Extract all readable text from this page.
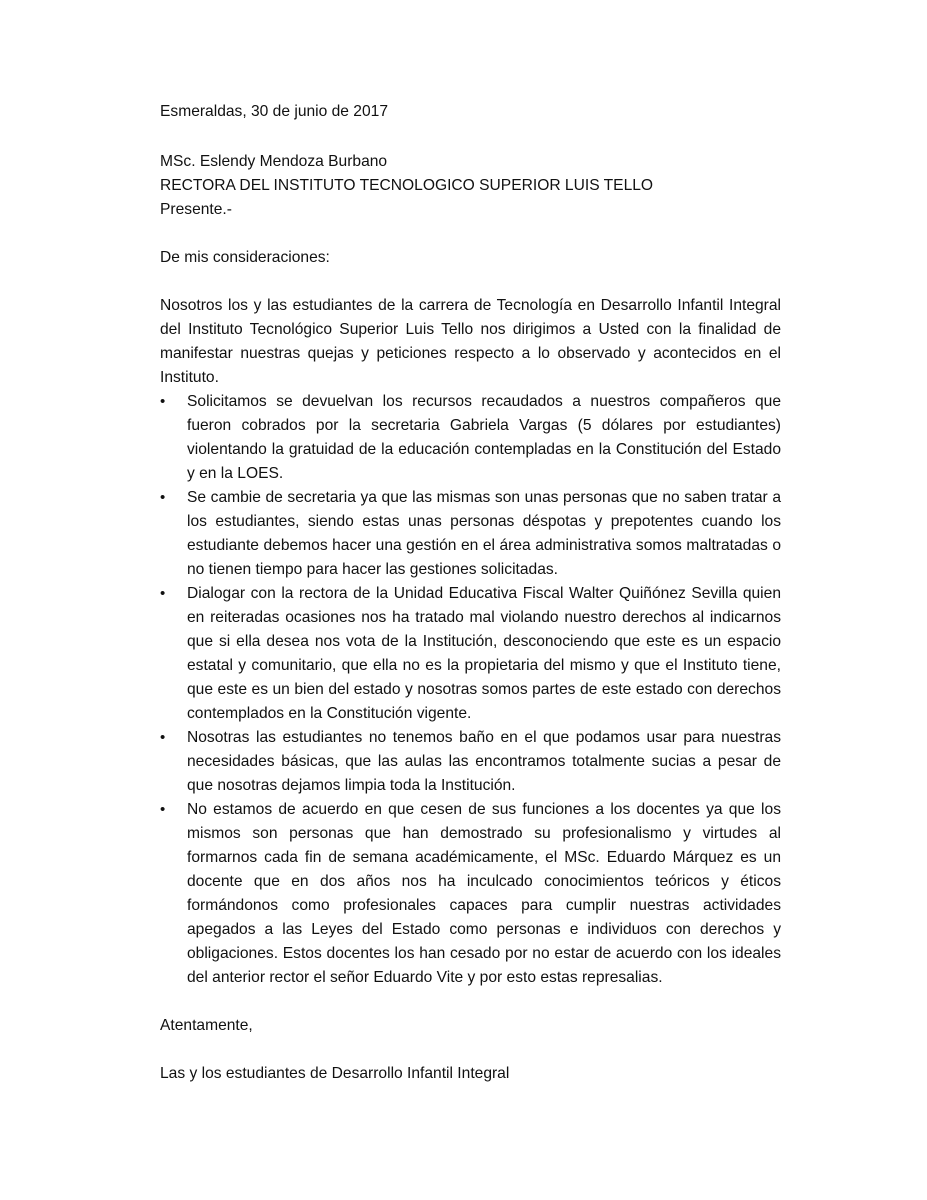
Esmeraldas, 30 de junio de 2017

MSc. Eslendy Mendoza Burbano

RECTORA DEL INSTITUTO TECNOLOGICO SUPERIOR LUIS TELLO

Presente.-

De mis consideraciones:

Nosotros los y las estudiantes de la carrera de Tecnología en Desarrollo Infantil Integral del Instituto Tecnológico Superior Luis Tello nos dirigimos a Usted con la finalidad de manifestar nuestras quejas y peticiones respecto a lo observado y acontecidos en el Instituto.

•	Solicitamos se devuelvan los recursos recaudados a nuestros compañeros que fueron cobrados por la secretaria Gabriela Vargas (5 dólares por estudiantes) violentando la gratuidad de la educación contempladas en la Constitución del Estado y en la LOES.
•	Se cambie de secretaria ya que las mismas son unas personas que no saben tratar a los estudiantes, siendo estas unas personas déspotas y prepotentes cuando los estudiante debemos hacer una gestión en el área administrativa somos maltratadas o no tienen tiempo para hacer las gestiones solicitadas.
•	Dialogar con la rectora de la Unidad Educativa Fiscal Walter Quiñónez Sevilla quien en reiteradas ocasiones nos ha tratado mal violando nuestro derechos al indicarnos que si ella desea nos vota de la Institución, desconociendo que este es un espacio estatal y comunitario, que ella no es la propietaria del mismo y que el Instituto tiene, que este es un bien del estado y nosotras somos partes de este estado con derechos contemplados en la Constitución vigente.
•	Nosotras las estudiantes no tenemos baño en el que podamos usar para nuestras necesidades básicas, que las aulas las encontramos totalmente sucias a pesar de que nosotras dejamos limpia toda la Institución.
•	No estamos de acuerdo en que cesen de sus funciones a los docentes ya que los mismos son personas que han demostrado su profesionalismo y virtudes al formarnos cada fin de semana académicamente, el MSc. Eduardo Márquez es un docente que en dos años nos ha inculcado conocimientos teóricos y éticos formándonos como profesionales capaces para cumplir nuestras actividades apegados a las Leyes del Estado como personas e individuos con derechos y obligaciones. Estos docentes los han cesado por no estar de acuerdo con los ideales del anterior rector el señor Eduardo Vite y por esto estas represalias.

Atentamente,

Las y los estudiantes de Desarrollo Infantil Integral
